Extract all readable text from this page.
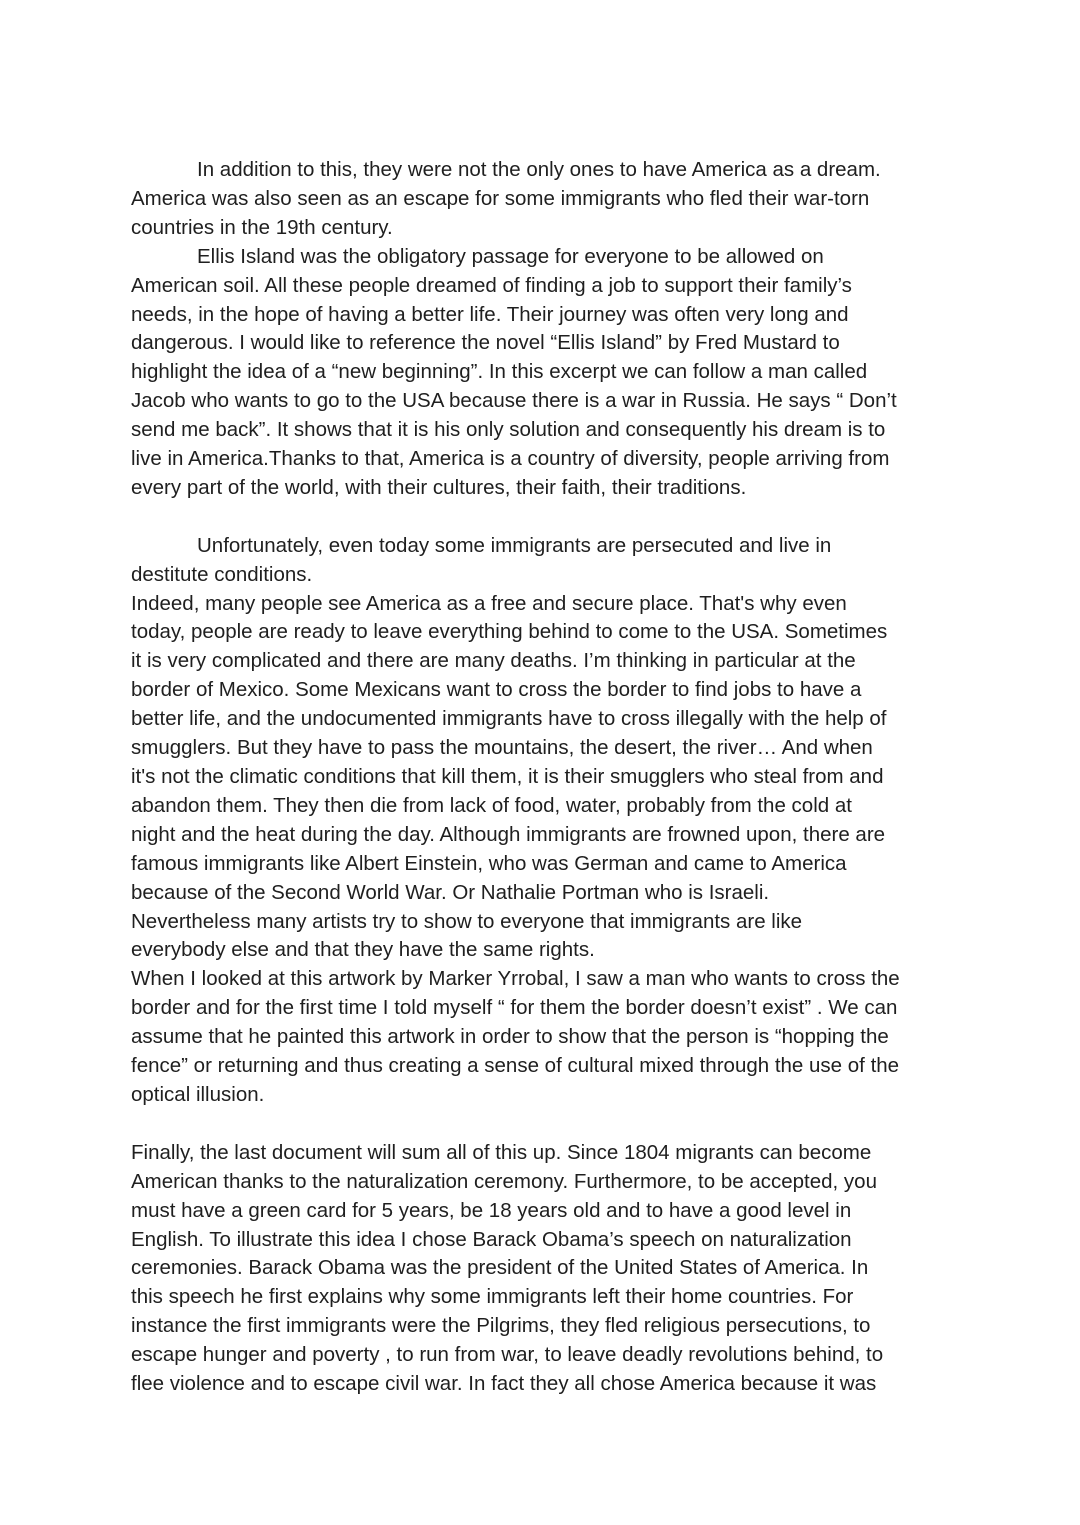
In addition to this, they were not the only ones to have America as a dream.
America was also seen as an escape for some immigrants who fled their war-torn
countries in the 19th century.

Ellis Island was the obligatory passage for everyone to be allowed on
American soil. All these people dreamed of finding a job to support their family’s
needs, in the hope of having a better life. Their journey was often very long and
dangerous. I would like to reference the novel “Ellis Island” by Fred Mustard to
highlight the idea of a “new beginning”. In this excerpt we can follow a man called
Jacob who wants to go to the USA because there is a war in Russia. He says “ Don’t
send me back”. It shows that it is his only solution and consequently his dream is to
live in America.Thanks to that, America is a country of diversity, people arriving from
every part of the world, with their cultures, their faith, their traditions.

Unfortunately, even today some immigrants are persecuted and live in
destitute conditions.

Indeed, many people see America as a free and secure place. That's why even
today, people are ready to leave everything behind to come to the USA. Sometimes
it is very complicated and there are many deaths. I’m thinking in particular at the
border of Mexico. Some Mexicans want to cross the border to find jobs to have a
better life, and the undocumented immigrants have to cross illegally with the help of
smugglers. But they have to pass the mountains, the desert, the river… And when
it's not the climatic conditions that kill them, it is their smugglers who steal from and
abandon them. They then die from lack of food, water, probably from the cold at
night and the heat during the day. Although immigrants are frowned upon, there are
famous immigrants like Albert Einstein, who was German and came to America
because of the Second World War. Or Nathalie Portman who is Israeli.
Nevertheless many artists try to show to everyone that immigrants are like
everybody else and that they have the same rights.

When I looked at this artwork by Marker Yrrobal, I saw a man who wants to cross the
border and for the first time I told myself “ for them the border doesn’t exist” . We can
assume that he painted this artwork in order to show that the person is “hopping the
fence” or returning and thus creating a sense of cultural mixed through the use of the
optical illusion.

Finally, the last document will sum all of this up. Since 1804 migrants can become
American thanks to the naturalization ceremony. Furthermore, to be accepted, you
must have a green card for 5 years, be 18 years old and to have a good level in
English. To illustrate this idea I chose Barack Obama’s speech on naturalization
ceremonies. Barack Obama was the president of the United States of America. In
this speech he first explains why some immigrants left their home countries. For
instance the first immigrants were the Pilgrims, they fled religious persecutions, to
escape hunger and poverty , to run from war, to leave deadly revolutions behind, to
flee violence and to escape civil war. In fact they all chose America because it was
